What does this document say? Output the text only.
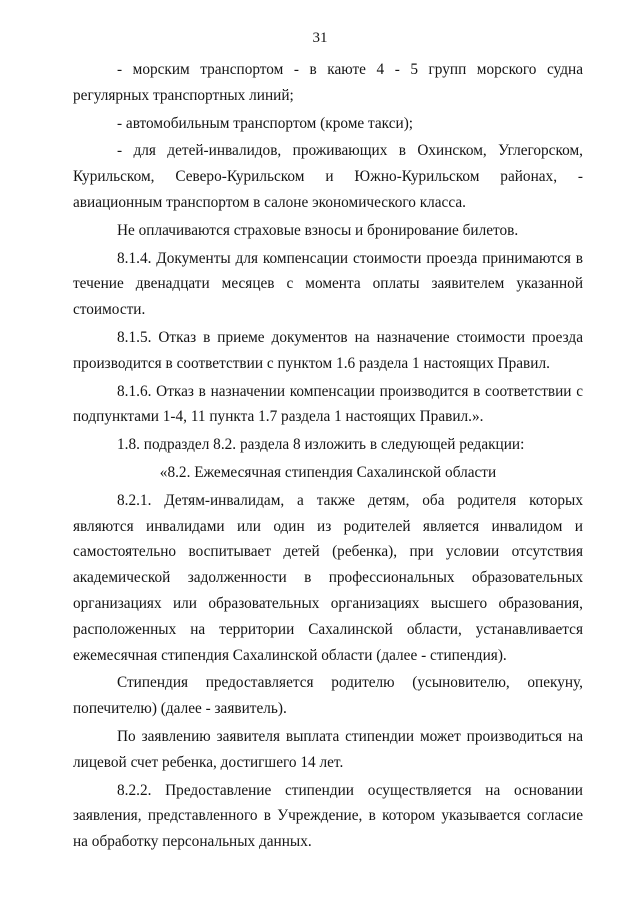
31

- морским транспортом - в каюте 4 - 5 групп морского судна регулярных транспортных линий;

- автомобильным транспортом (кроме такси);

- для детей-инвалидов, проживающих в Охинском, Углегорском, Курильском, Северо-Курильском и Южно-Курильском районах, -

авиационным транспортом в салоне экономического класса.

Не оплачиваются страховые взносы и бронирование билетов.

8.1.4. Документы для компенсации стоимости проезда принимаются в течение двенадцати месяцев с момента оплаты заявителем указанной стоимости.

8.1.5. Отказ в приеме документов на назначение стоимости проезда производится в соответствии с пунктом 1.6 раздела 1 настоящих Правил.

8.1.6. Отказ в назначении компенсации производится в соответствии с подпунктами 1-4, 11 пункта 1.7 раздела 1 настоящих Правил.».

1.8. подраздел 8.2. раздела 8 изложить в следующей редакции:

«8.2. Ежемесячная стипендия Сахалинской области

8.2.1. Детям-инвалидам, а также детям, оба родителя которых являются инвалидами или один из родителей является инвалидом и самостоятельно воспитывает детей (ребенка), при условии отсутствия академической задолженности в профессиональных образовательных организациях или образовательных организациях высшего образования, расположенных на территории Сахалинской области, устанавливается ежемесячная стипендия Сахалинской области (далее - стипендия).

Стипендия предоставляется родителю (усыновителю, опекуну, попечителю) (далее - заявитель).

По заявлению заявителя выплата стипендии может производиться на лицевой счет ребенка, достигшего 14 лет.

8.2.2. Предоставление стипендии осуществляется на основании заявления, представленного в Учреждение, в котором указывается согласие на обработку персональных данных.
